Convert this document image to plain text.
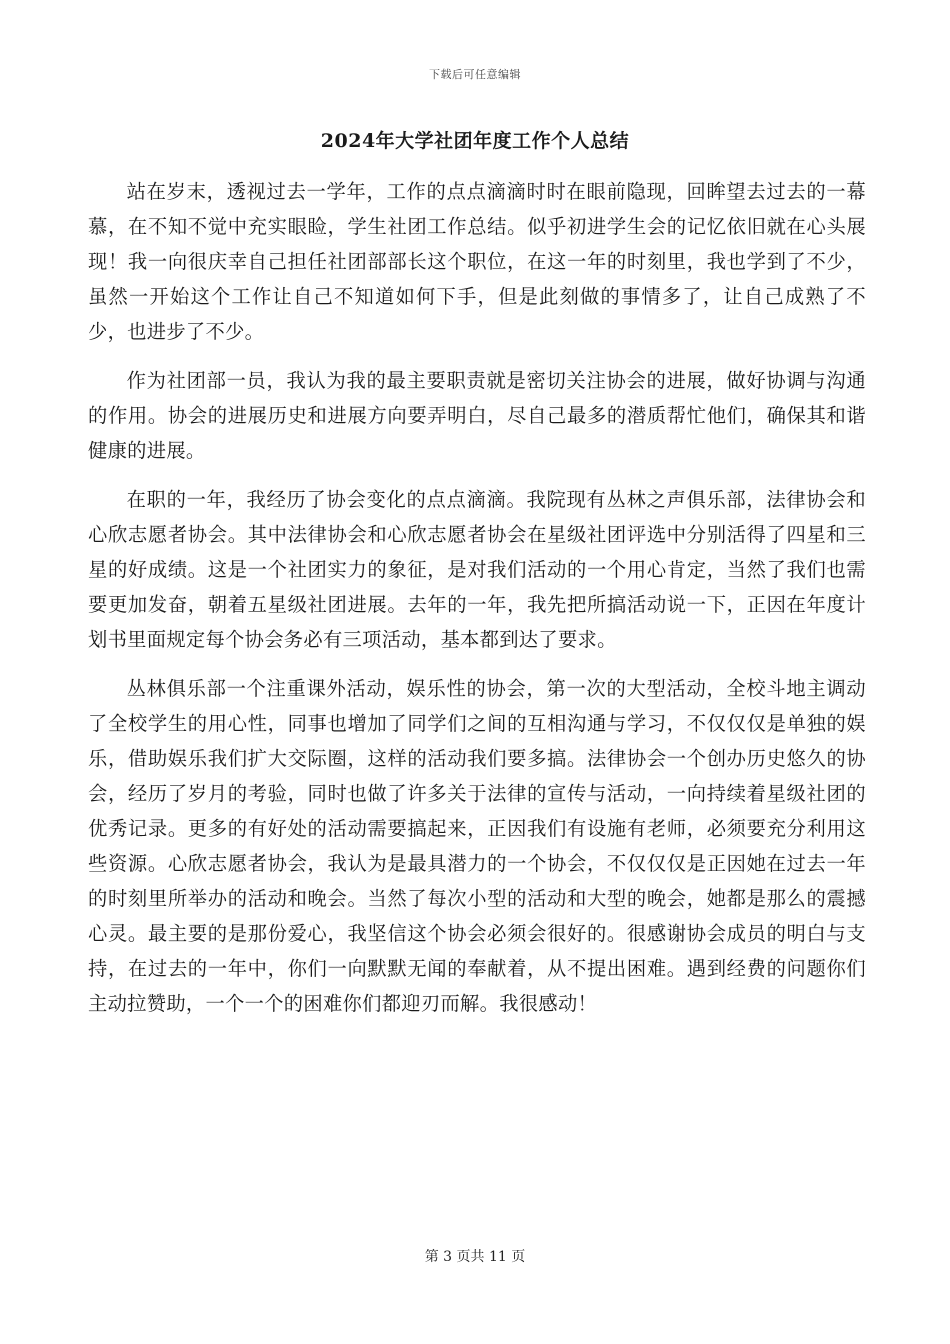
下载后可任意编辑
2024年大学社团年度工作个人总结

站在岁末，透视过去一学年，工作的点点滴滴时时在眼前隐现，回眸望去过去的一幕慕，在不知不觉中充实眼睑，学生社团工作总结。似乎初进学生会的记忆依旧就在心头展现！我一向很庆幸自己担任社团部部长这个职位，在这一年的时刻里，我也学到了不少，虽然一开始这个工作让自己不知道如何下手，但是此刻做的事情多了，让自己成熟了不少，也进步了不少。

作为社团部一员，我认为我的最主要职责就是密切关注协会的进展，做好协调与沟通的作用。协会的进展历史和进展方向要弄明白，尽自己最多的潜质帮忙他们，确保其和谐健康的进展。

在职的一年，我经历了协会变化的点点滴滴。我院现有丛林之声俱乐部，法律协会和心欣志愿者协会。其中法律协会和心欣志愿者协会在星级社团评选中分别活得了四星和三星的好成绩。这是一个社团实力的象征，是对我们活动的一个用心肯定，当然了我们也需要更加发奋，朝着五星级社团进展。去年的一年，我先把所搞活动说一下，正因在年度计划书里面规定每个协会务必有三项活动，基本都到达了要求。

丛林俱乐部一个注重课外活动，娱乐性的协会，第一次的大型活动，全校斗地主调动了全校学生的用心性，同事也增加了同学们之间的互相沟通与学习，不仅仅仅是单独的娱乐，借助娱乐我们扩大交际圈，这样的活动我们要多搞。法律协会一个创办历史悠久的协会，经历了岁月的考验，同时也做了许多关于法律的宣传与活动，一向持续着星级社团的优秀记录。更多的有好处的活动需要搞起来，正因我们有设施有老师，必须要充分利用这些资源。心欣志愿者协会，我认为是最具潜力的一个协会，不仅仅仅是正因她在过去一年的时刻里所举办的活动和晚会。当然了每次小型的活动和大型的晚会，她都是那么的震撼心灵。最主要的是那份爱心，我坚信这个协会必须会很好的。很感谢协会成员的明白与支持，在过去的一年中，你们一向默默无闻的奉献着，从不提出困难。遇到经费的问题你们主动拉赞助，一个一个的困难你们都迎刃而解。我很感动！

第 3 页共 11 页
